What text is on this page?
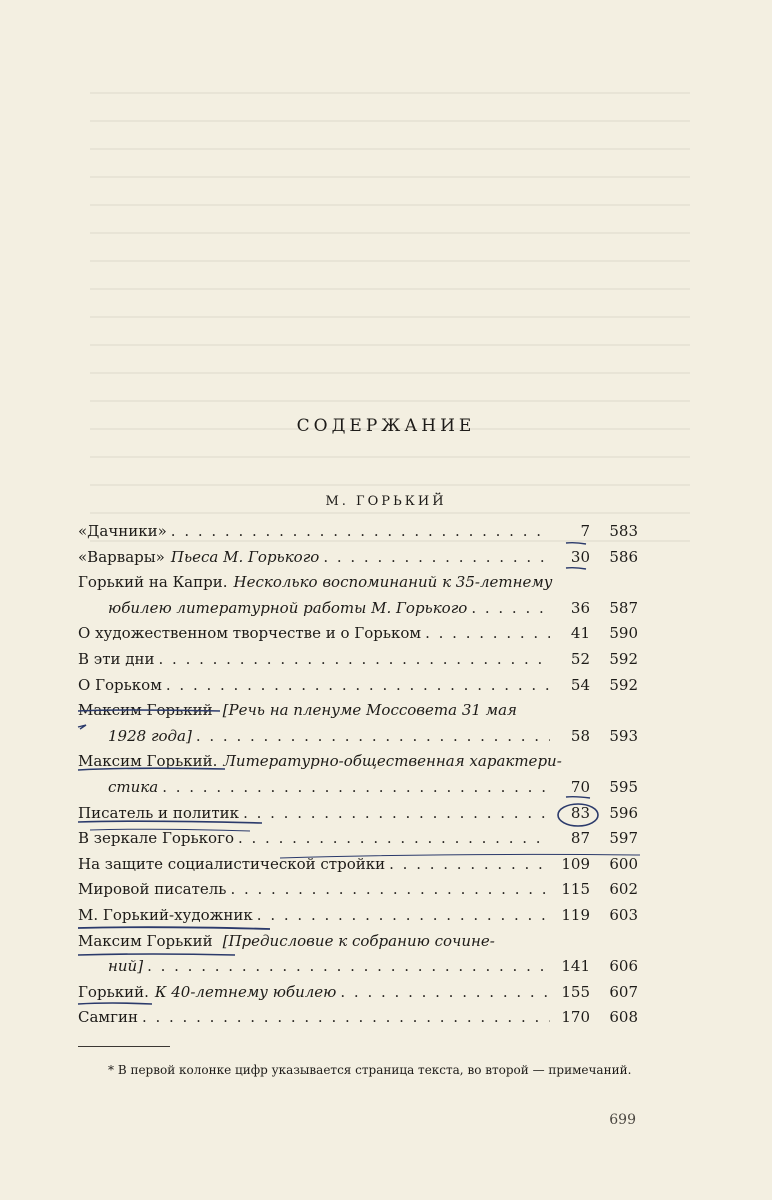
СОДЕРЖАНИЕ
М. ГОРЬКИЙ
«Дачники» . . .	7	583
«Варвары» Пьеса М. Горького . . .	30	586
Горький на Капри. Несколько воспоминаний к 35-летнему
юбилею литературной работы М. Горького . . .	36	587
О художественном творчестве и о Горьком . . .	41	590
В эти дни . . .	52	592
О Горьком . . .	54	592
Максим Горький [Речь на пленуме Моссовета 31 мая
1928 года] . . .	58	593
Максим Горький. Литературно-общественная характери-
стика . . .	70	595
Писатель и политик . . .	83	596
В зеркале Горького . . .	87	597
На защите социалистической стройки . . .	109	600
Мировой писатель . . .	115	602
М. Горький-художник . . .	119	603
Максим Горький [Предисловие к собранию сочине-
ний] . . .	141	606
Горький. К 40-летнему юбилею . . .	155	607
Самгин . . .	170	608
* В первой колонке цифр указывается страница текста, во второй — примечаний.
699
